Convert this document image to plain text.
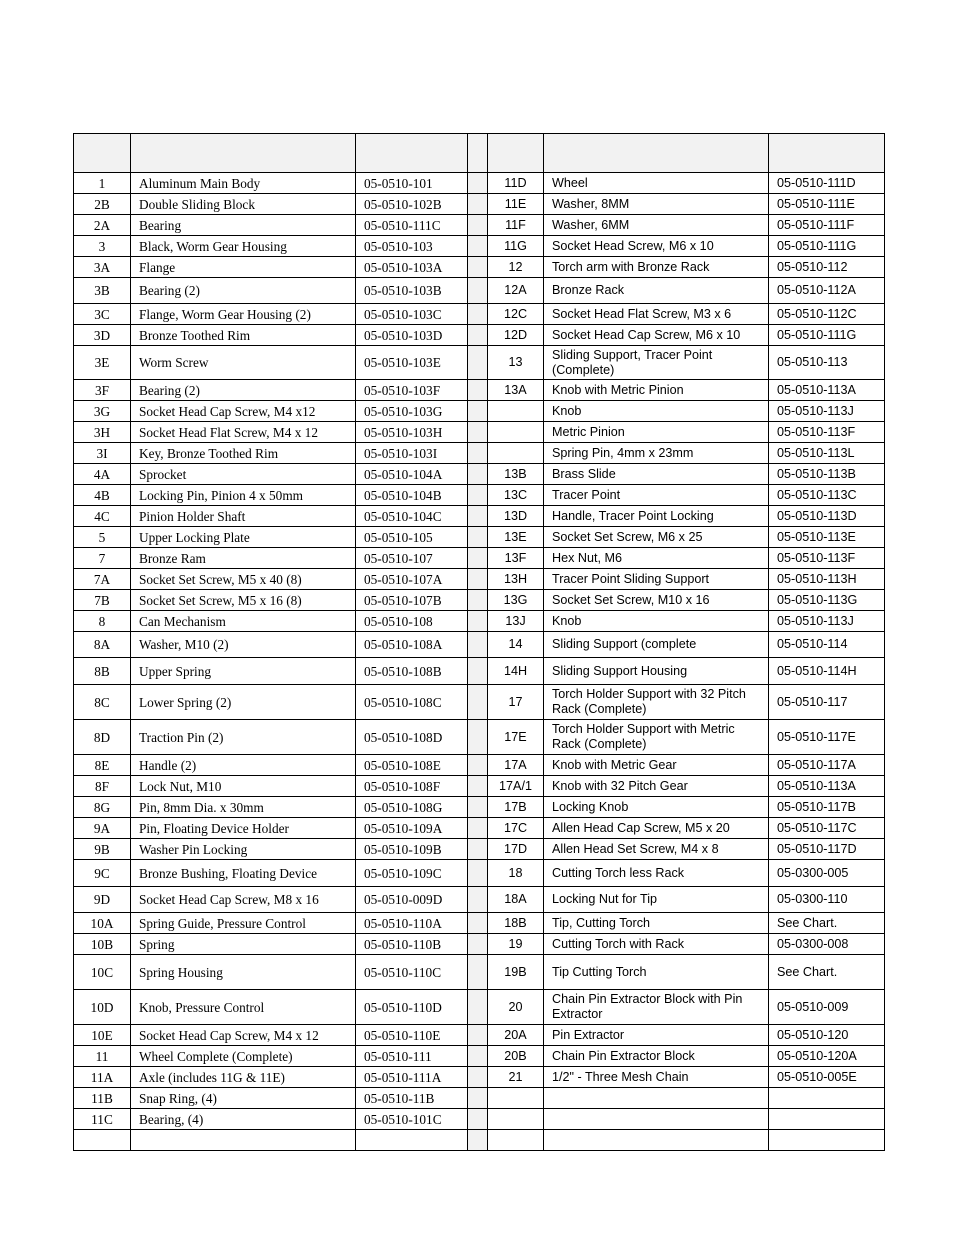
1	Aluminum Main Body	05-0510-101		11D	Wheel	05-0510-111D
2B	Double Sliding Block	05-0510-102B		11E	Washer, 8MM	05-0510-111E
2A	Bearing	05-0510-111C		11F	Washer, 6MM	05-0510-111F
3	Black, Worm Gear Housing	05-0510-103		11G	Socket Head Screw, M6 x 10	05-0510-111G
3A	Flange	05-0510-103A		12	Torch arm with Bronze Rack	05-0510-112
3B	Bearing (2)	05-0510-103B		12A	Bronze Rack	05-0510-112A
3C	Flange, Worm Gear Housing (2)	05-0510-103C		12C	Socket Head Flat Screw, M3 x 6	05-0510-112C
3D	Bronze Toothed Rim	05-0510-103D		12D	Socket Head Cap Screw, M6 x 10	05-0510-111G
3E	Worm Screw	05-0510-103E		13	Sliding Support, Tracer Point (Complete)	05-0510-113
3F	Bearing (2)	05-0510-103F		13A	Knob with Metric Pinion	05-0510-113A
3G	Socket Head Cap Screw, M4 x12	05-0510-103G			Knob	05-0510-113J
3H	Socket Head Flat Screw, M4 x 12	05-0510-103H			Metric Pinion	05-0510-113F
3I	Key, Bronze Toothed Rim	05-0510-103I			Spring Pin, 4mm x 23mm	05-0510-113L
4A	Sprocket	05-0510-104A		13B	Brass Slide	05-0510-113B
4B	Locking Pin, Pinion 4 x 50mm	05-0510-104B		13C	Tracer Point	05-0510-113C
4C	Pinion Holder Shaft	05-0510-104C		13D	Handle, Tracer Point Locking	05-0510-113D
5	Upper Locking Plate	05-0510-105		13E	Socket Set Screw, M6 x 25	05-0510-113E
7	Bronze Ram	05-0510-107		13F	Hex Nut, M6	05-0510-113F
7A	Socket Set Screw, M5 x 40 (8)	05-0510-107A		13H	Tracer Point Sliding Support	05-0510-113H
7B	Socket Set Screw, M5 x 16 (8)	05-0510-107B		13G	Socket Set Screw, M10 x 16	05-0510-113G
8	Can Mechanism	05-0510-108		13J	Knob	05-0510-113J
8A	Washer, M10 (2)	05-0510-108A		14	Sliding Support (complete	05-0510-114
8B	Upper Spring	05-0510-108B		14H	Sliding Support Housing	05-0510-114H
8C	Lower Spring (2)	05-0510-108C		17	Torch Holder Support with 32 Pitch Rack (Complete)	05-0510-117
8D	Traction Pin (2)	05-0510-108D		17E	Torch Holder Support with Metric Rack (Complete)	05-0510-117E
8E	Handle (2)	05-0510-108E		17A	Knob with Metric Gear	05-0510-117A
8F	Lock Nut, M10	05-0510-108F		17A/1	Knob with 32 Pitch Gear	05-0510-113A
8G	Pin, 8mm Dia. x 30mm	05-0510-108G		17B	Locking Knob	05-0510-117B
9A	Pin, Floating Device Holder	05-0510-109A		17C	Allen Head Cap Screw, M5 x 20	05-0510-117C
9B	Washer Pin Locking	05-0510-109B		17D	Allen Head Set Screw, M4 x 8	05-0510-117D
9C	Bronze Bushing, Floating Device	05-0510-109C		18	Cutting Torch less Rack	05-0300-005
9D	Socket Head Cap Screw, M8 x 16	05-0510-009D		18A	Locking Nut for Tip	05-0300-110
10A	Spring Guide, Pressure Control	05-0510-110A		18B	Tip, Cutting Torch	See Chart.
10B	Spring	05-0510-110B		19	Cutting Torch with Rack	05-0300-008
10C	Spring Housing	05-0510-110C		19B	Tip Cutting Torch	See Chart.
10D	Knob, Pressure Control	05-0510-110D		20	Chain Pin Extractor Block with Pin Extractor	05-0510-009
10E	Socket Head Cap Screw, M4 x 12	05-0510-110E		20A	Pin Extractor	05-0510-120
11	Wheel Complete (Complete)	05-0510-111		20B	Chain Pin Extractor Block	05-0510-120A
11A	Axle (includes 11G & 11E)	05-0510-111A		21	1/2" - Three Mesh Chain	05-0510-005E
11B	Snap Ring, (4)	05-0510-11B				
11C	Bearing, (4)	05-0510-101C				
